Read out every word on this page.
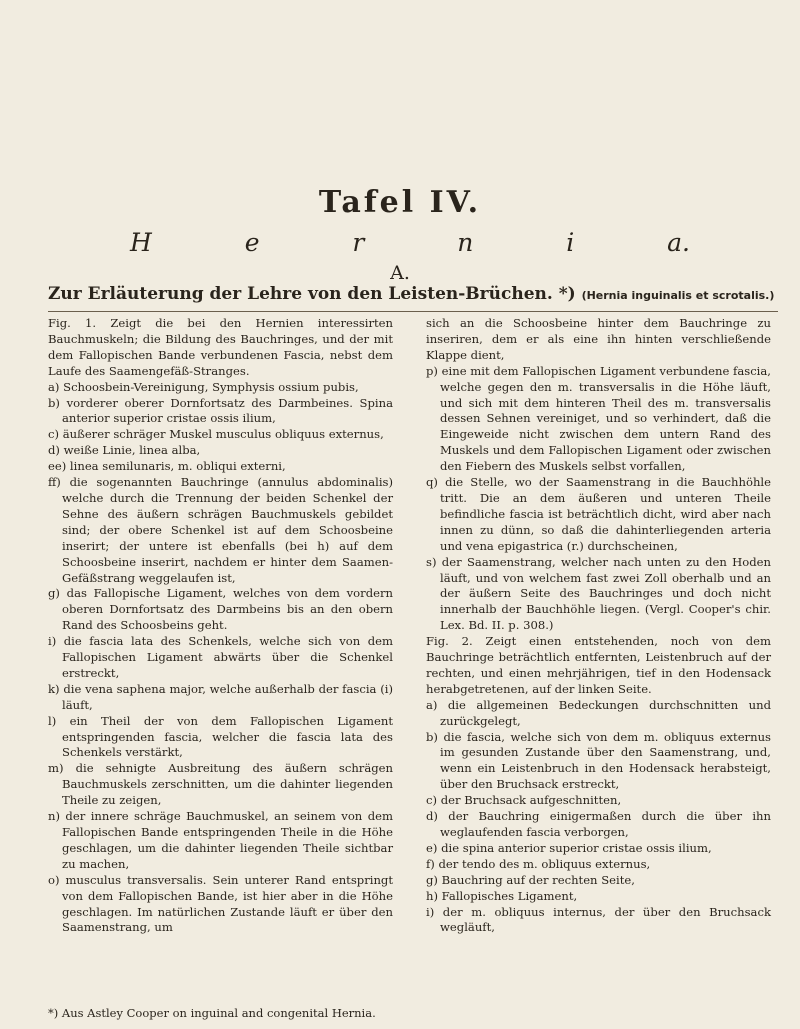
Tafel IV.
H	e	r	n	i	a.
A.
Zur Erläuterung der Lehre von den Leisten-Brüchen. *) (Hernia inguinalis et scrotalis.)

Fig. 1. Zeigt die bei den Hernien interessirten Bauchmuskeln; die Bildung des Bauchringes, und der mit dem Fallopischen Bande verbundenen Fascia, nebst dem Laufe des Saamengefäß-Stranges.

a) Schoosbein-Vereinigung, Symphysis ossium pubis,

b) vorderer oberer Dornfortsatz des Darmbeines. Spina anterior superior cristae ossis ilium,

c) äußerer schräger Muskel musculus obliquus externus,

d) weiße Linie, linea alba,

ee) linea semilunaris, m. obliqui externi,

ff) die sogenannten Bauchringe (annulus abdominalis) welche durch die Trennung der beiden Schenkel der Sehne des äußern schrägen Bauchmuskels gebildet sind; der obere Schenkel ist auf dem Schoosbeine inserirt; der untere ist ebenfalls (bei h) auf dem Schoosbeine inserirt, nachdem er hinter dem Saamen-Gefäßstrang weggelaufen ist,

g) das Fallopische Ligament, welches von dem vordern oberen Dornfortsatz des Darmbeins bis an den obern Rand des Schoosbeins geht.

i) die fascia lata des Schenkels, welche sich von dem Fallopischen Ligament abwärts über die Schenkel erstreckt,

k) die vena saphena major, welche außerhalb der fascia (i) läuft,

l) ein Theil der von dem Fallopischen Ligament entspringenden fascia, welcher die fascia lata des Schenkels verstärkt,

m) die sehnigte Ausbreitung des äußern schrägen Bauchmuskels zerschnitten, um die dahinter liegenden Theile zu zeigen,

n) der innere schräge Bauchmuskel, an seinem von dem Fallopischen Bande entspringenden Theile in die Höhe geschlagen, um die dahinter liegenden Theile sichtbar zu machen,

o) musculus transversalis. Sein unterer Rand entspringt von dem Fallopischen Bande, ist hier aber in die Höhe geschlagen. Im natürlichen Zustande läuft er über den Saamenstrang, um

sich an die Schoosbeine hinter dem Bauchringe zu inseriren, dem er als eine ihn hinten verschließende Klappe dient,

p) eine mit dem Fallopischen Ligament verbundene fascia, welche gegen den m. transversalis in die Höhe läuft, und sich mit dem hinteren Theil des m. transversalis dessen Sehnen vereiniget, und so verhindert, daß die Eingeweide nicht zwischen dem untern Rand des Muskels und dem Fallopischen Ligament oder zwischen den Fiebern des Muskels selbst vorfallen,

q) die Stelle, wo der Saamenstrang in die Bauchhöhle tritt. Die an dem äußeren und unteren Theile befindliche fascia ist beträchtlich dicht, wird aber nach innen zu dünn, so daß die dahinterliegenden arteria und vena epigastrica (r.) durchscheinen,

s) der Saamenstrang, welcher nach unten zu den Hoden läuft, und von welchem fast zwei Zoll oberhalb und an der äußern Seite des Bauchringes und doch nicht innerhalb der Bauchhöhle liegen. (Vergl. Cooper's chir. Lex. Bd. II. p. 308.)

Fig. 2. Zeigt einen entstehenden, noch von dem Bauchringe beträchtlich entfernten, Leistenbruch auf der rechten, und einen mehrjährigen, tief in den Hodensack herabgetretenen, auf der linken Seite.

a) die allgemeinen Bedeckungen durchschnitten und zurückgelegt,

b) die fascia, welche sich von dem m. obliquus externus im gesunden Zustande über den Saamenstrang, und, wenn ein Leistenbruch in den Hodensack herabsteigt, über den Bruchsack erstreckt,

c) der Bruchsack aufgeschnitten,

d) der Bauchring einigermaßen durch die über ihn weglaufenden fascia verborgen,

e) die spina anterior superior cristae ossis ilium,

f) der tendo des m. obliquus externus,

g) Bauchring auf der rechten Seite,

h) Fallopisches Ligament,

i) der m. obliquus internus, der über den Bruchsack wegläuft,

*) Aus Astley Cooper on inguinal and congenital Hernia.
